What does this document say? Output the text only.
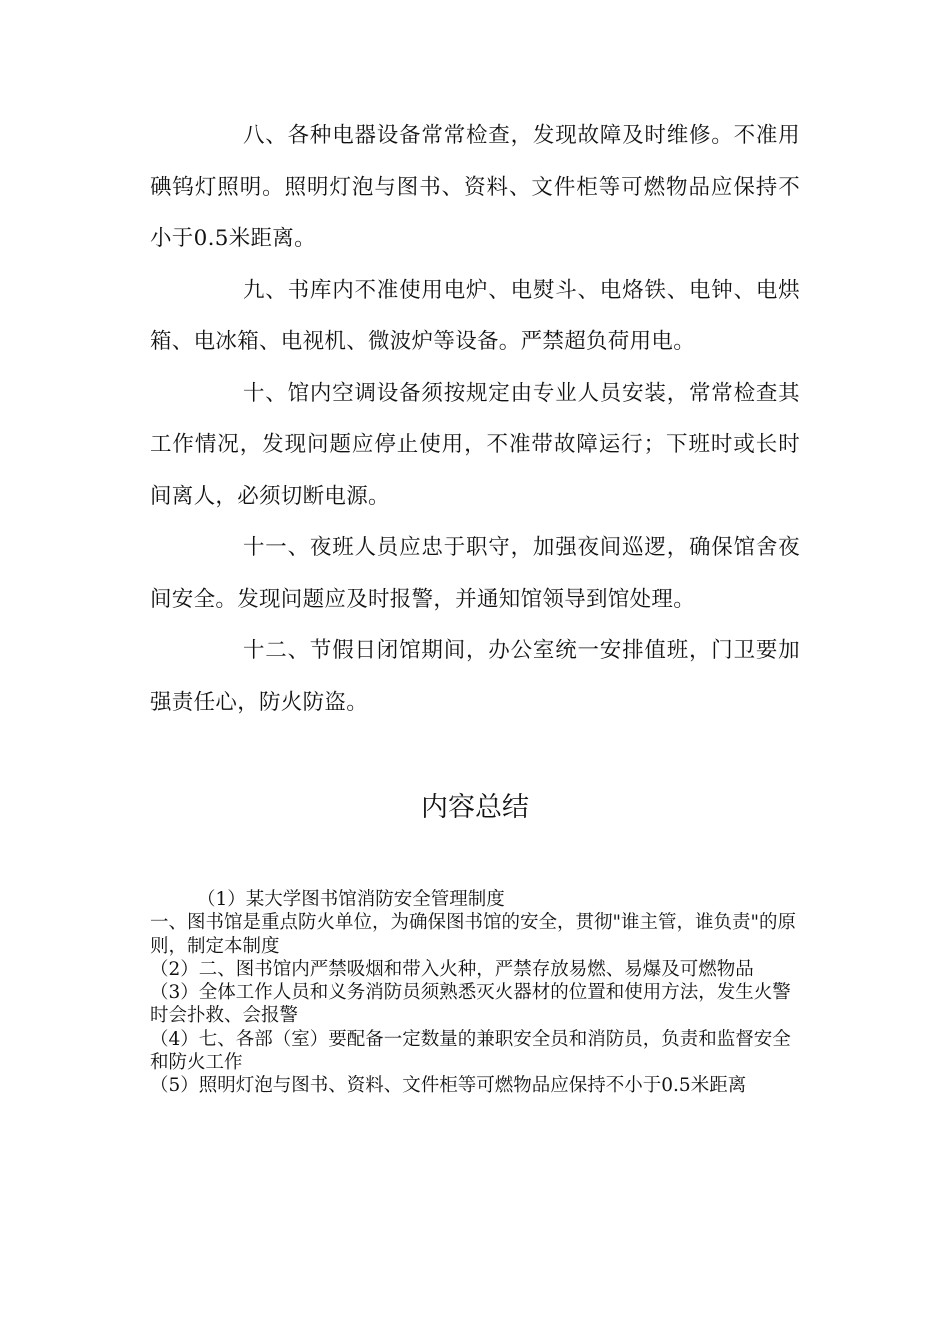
八、各种电器设备常常检查，发现故障及时维修。不准用碘钨灯照明。照明灯泡与图书、资料、文件柜等可燃物品应保持不小于0.5米距离。

九、书库内不准使用电炉、电熨斗、电烙铁、电钟、电烘箱、电冰箱、电视机、微波炉等设备。严禁超负荷用电。

十、馆内空调设备须按规定由专业人员安装，常常检查其工作情况，发现问题应停止使用，不准带故障运行；下班时或长时间离人，必须切断电源。

十一、夜班人员应忠于职守，加强夜间巡逻，确保馆舍夜间安全。发现问题应及时报警，并通知馆领导到馆处理。

十二、节假日闭馆期间，办公室统一安排值班，门卫要加强责任心，防火防盗。

内容总结

（1）某大学图书馆消防安全管理制度

一、图书馆是重点防火单位，为确保图书馆的安全，贯彻"谁主管，谁负责"的原则，制定本制度

（2）二、图书馆内严禁吸烟和带入火种，严禁存放易燃、易爆及可燃物品

（3）全体工作人员和义务消防员须熟悉灭火器材的位置和使用方法，发生火警时会扑救、会报警

（4）七、各部（室）要配备一定数量的兼职安全员和消防员，负责和监督安全和防火工作

（5）照明灯泡与图书、资料、文件柜等可燃物品应保持不小于0.5米距离
